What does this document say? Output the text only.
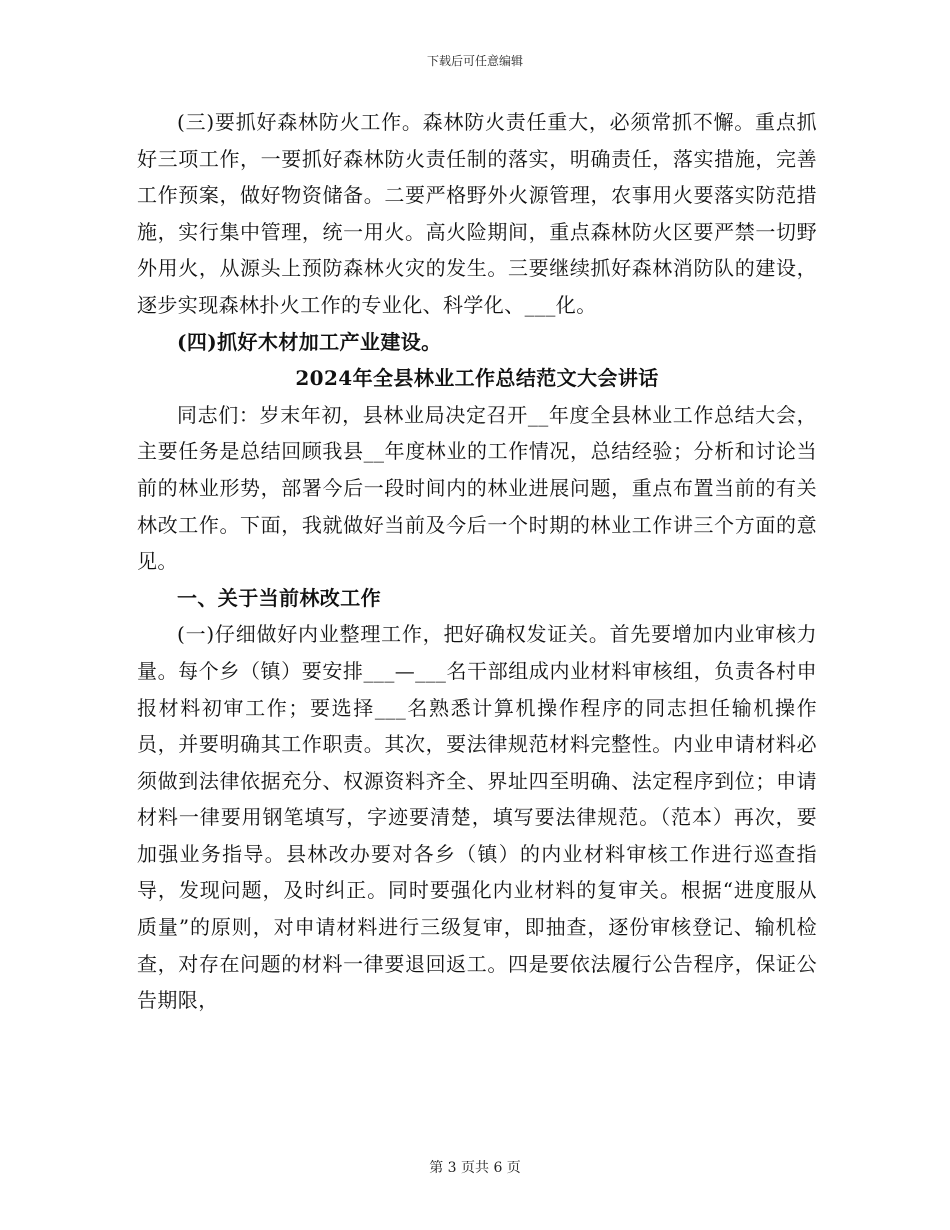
下载后可任意编辑

(三)要抓好森林防火工作。森林防火责任重大，必须常抓不懈。重点抓好三项工作，一要抓好森林防火责任制的落实，明确责任，落实措施，完善工作预案，做好物资储备。二要严格野外火源管理，农事用火要落实防范措施，实行集中管理，统一用火。高火险期间，重点森林防火区要严禁一切野外用火，从源头上预防森林火灾的发生。三要继续抓好森林消防队的建设，逐步实现森林扑火工作的专业化、科学化、___化。

(四)抓好木材加工产业建设。

2024年全县林业工作总结范文大会讲话

同志们：岁末年初，县林业局决定召开__年度全县林业工作总结大会，主要任务是总结回顾我县__年度林业的工作情况，总结经验；分析和讨论当前的林业形势，部署今后一段时间内的林业进展问题，重点布置当前的有关林改工作。下面，我就做好当前及今后一个时期的林业工作讲三个方面的意见。

一、关于当前林改工作

(一)仔细做好内业整理工作，把好确权发证关。首先要增加内业审核力量。每个乡（镇）要安排___—___名干部组成内业材料审核组，负责各村申报材料初审工作；要选择___名熟悉计算机操作程序的同志担任输机操作员，并要明确其工作职责。其次，要法律规范材料完整性。内业申请材料必须做到法律依据充分、权源资料齐全、界址四至明确、法定程序到位；申请材料一律要用钢笔填写，字迹要清楚，填写要法律规范。（范本）再次，要加强业务指导。县林改办要对各乡（镇）的内业材料审核工作进行巡查指导，发现问题，及时纠正。同时要强化内业材料的复审关。根据“进度服从质量”的原则，对申请材料进行三级复审，即抽查，逐份审核登记、输机检查，对存在问题的材料一律要退回返工。四是要依法履行公告程序，保证公告期限，

第 3 页共 6 页
